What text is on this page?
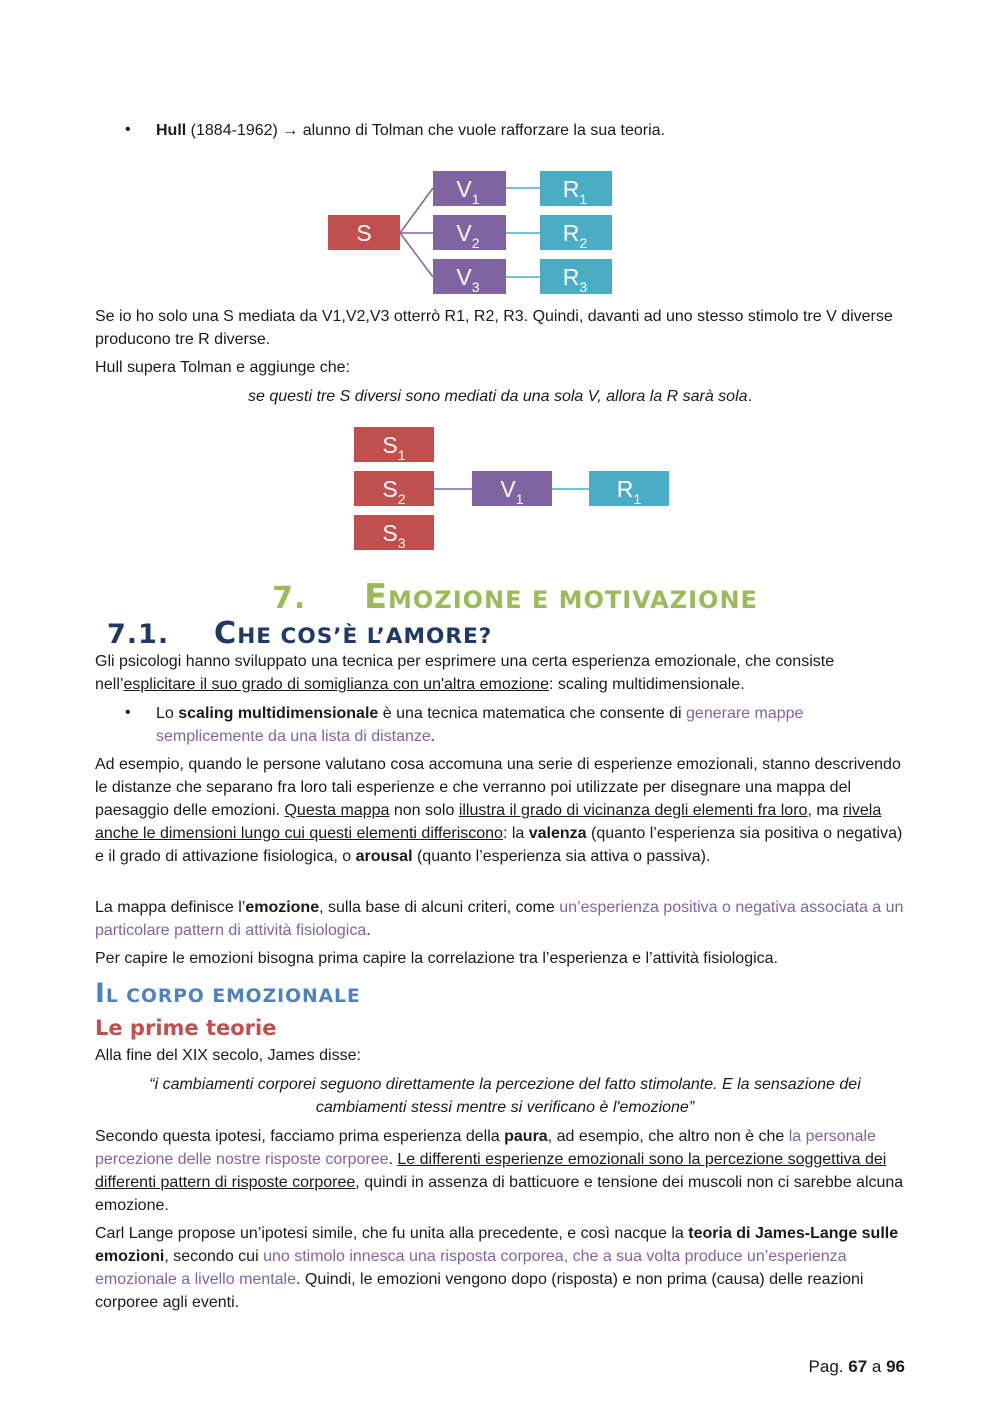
• Hull (1884-1962) → alunno di Tolman che vuole rafforzare la sua teoria.
S
$V_1$
$V_2$
$V_3$
$R_1$
$R_2$
$R_3$
Se io ho solo una S mediata da V1,V2,V3 otterrò R1, R2, R3. Quindi, davanti ad uno stesso stimolo tre V diverse producono tre R diverse.
Hull supera Tolman e aggiunge che:
se questi tre S diversi sono mediati da una sola V, allora la R sarà sola.
$S_1$
$S_2$
$S_3$
$V_1$	$R_1$
7. EMOZIONE E MOTIVAZIONE
7.1. CHE COS’È L’AMORE?
Gli psicologi hanno sviluppato una tecnica per esprimere una certa esperienza emozionale, che consiste nell’esplicitare il suo grado di somiglianza con un'altra emozione: scaling multidimensionale.
• Lo scaling multidimensionale è una tecnica matematica che consente di generare mappe semplicemente da una lista di distanze.
Ad esempio, quando le persone valutano cosa accomuna una serie di esperienze emozionali, stanno descrivendo le distanze che separano fra loro tali esperienze e che verranno poi utilizzate per disegnare una mappa del paesaggio delle emozioni. Questa mappa non solo illustra il grado di vicinanza degli elementi fra loro, ma rivela anche le dimensioni lungo cui questi elementi differiscono: la valenza (quanto l’esperienza sia positiva o negativa) e il grado di attivazione fisiologica, o arousal (quanto l’esperienza sia attiva o passiva).
La mappa definisce l’emozione, sulla base di alcuni criteri, come un’esperienza positiva o negativa associata a un particolare pattern di attività fisiologica.
Per capire le emozioni bisogna prima capire la correlazione tra l’esperienza e l’attività fisiologica.
IL CORPO EMOZIONALE
Le prime teorie
Alla fine del XIX secolo, James disse:
“i cambiamenti corporei seguono direttamente la percezione del fatto stimolante. E la sensazione dei cambiamenti stessi mentre si verificano è l'emozione”
Secondo questa ipotesi, facciamo prima esperienza della paura, ad esempio, che altro non è che la personale percezione delle nostre risposte corporee. Le differenti esperienze emozionali sono la percezione soggettiva dei differenti pattern di risposte corporee, quindi in assenza di batticuore e tensione dei muscoli non ci sarebbe alcuna emozione.
Carl Lange propose un’ipotesi simile, che fu unita alla precedente, e così nacque la teoria di James-Lange sulle emozioni, secondo cui uno stimolo innesca una risposta corporea, che a sua volta produce un’esperienza emozionale a livello mentale. Quindi, le emozioni vengono dopo (risposta) e non prima (causa) delle reazioni corporee agli eventi.
Pag. 67 a 96
